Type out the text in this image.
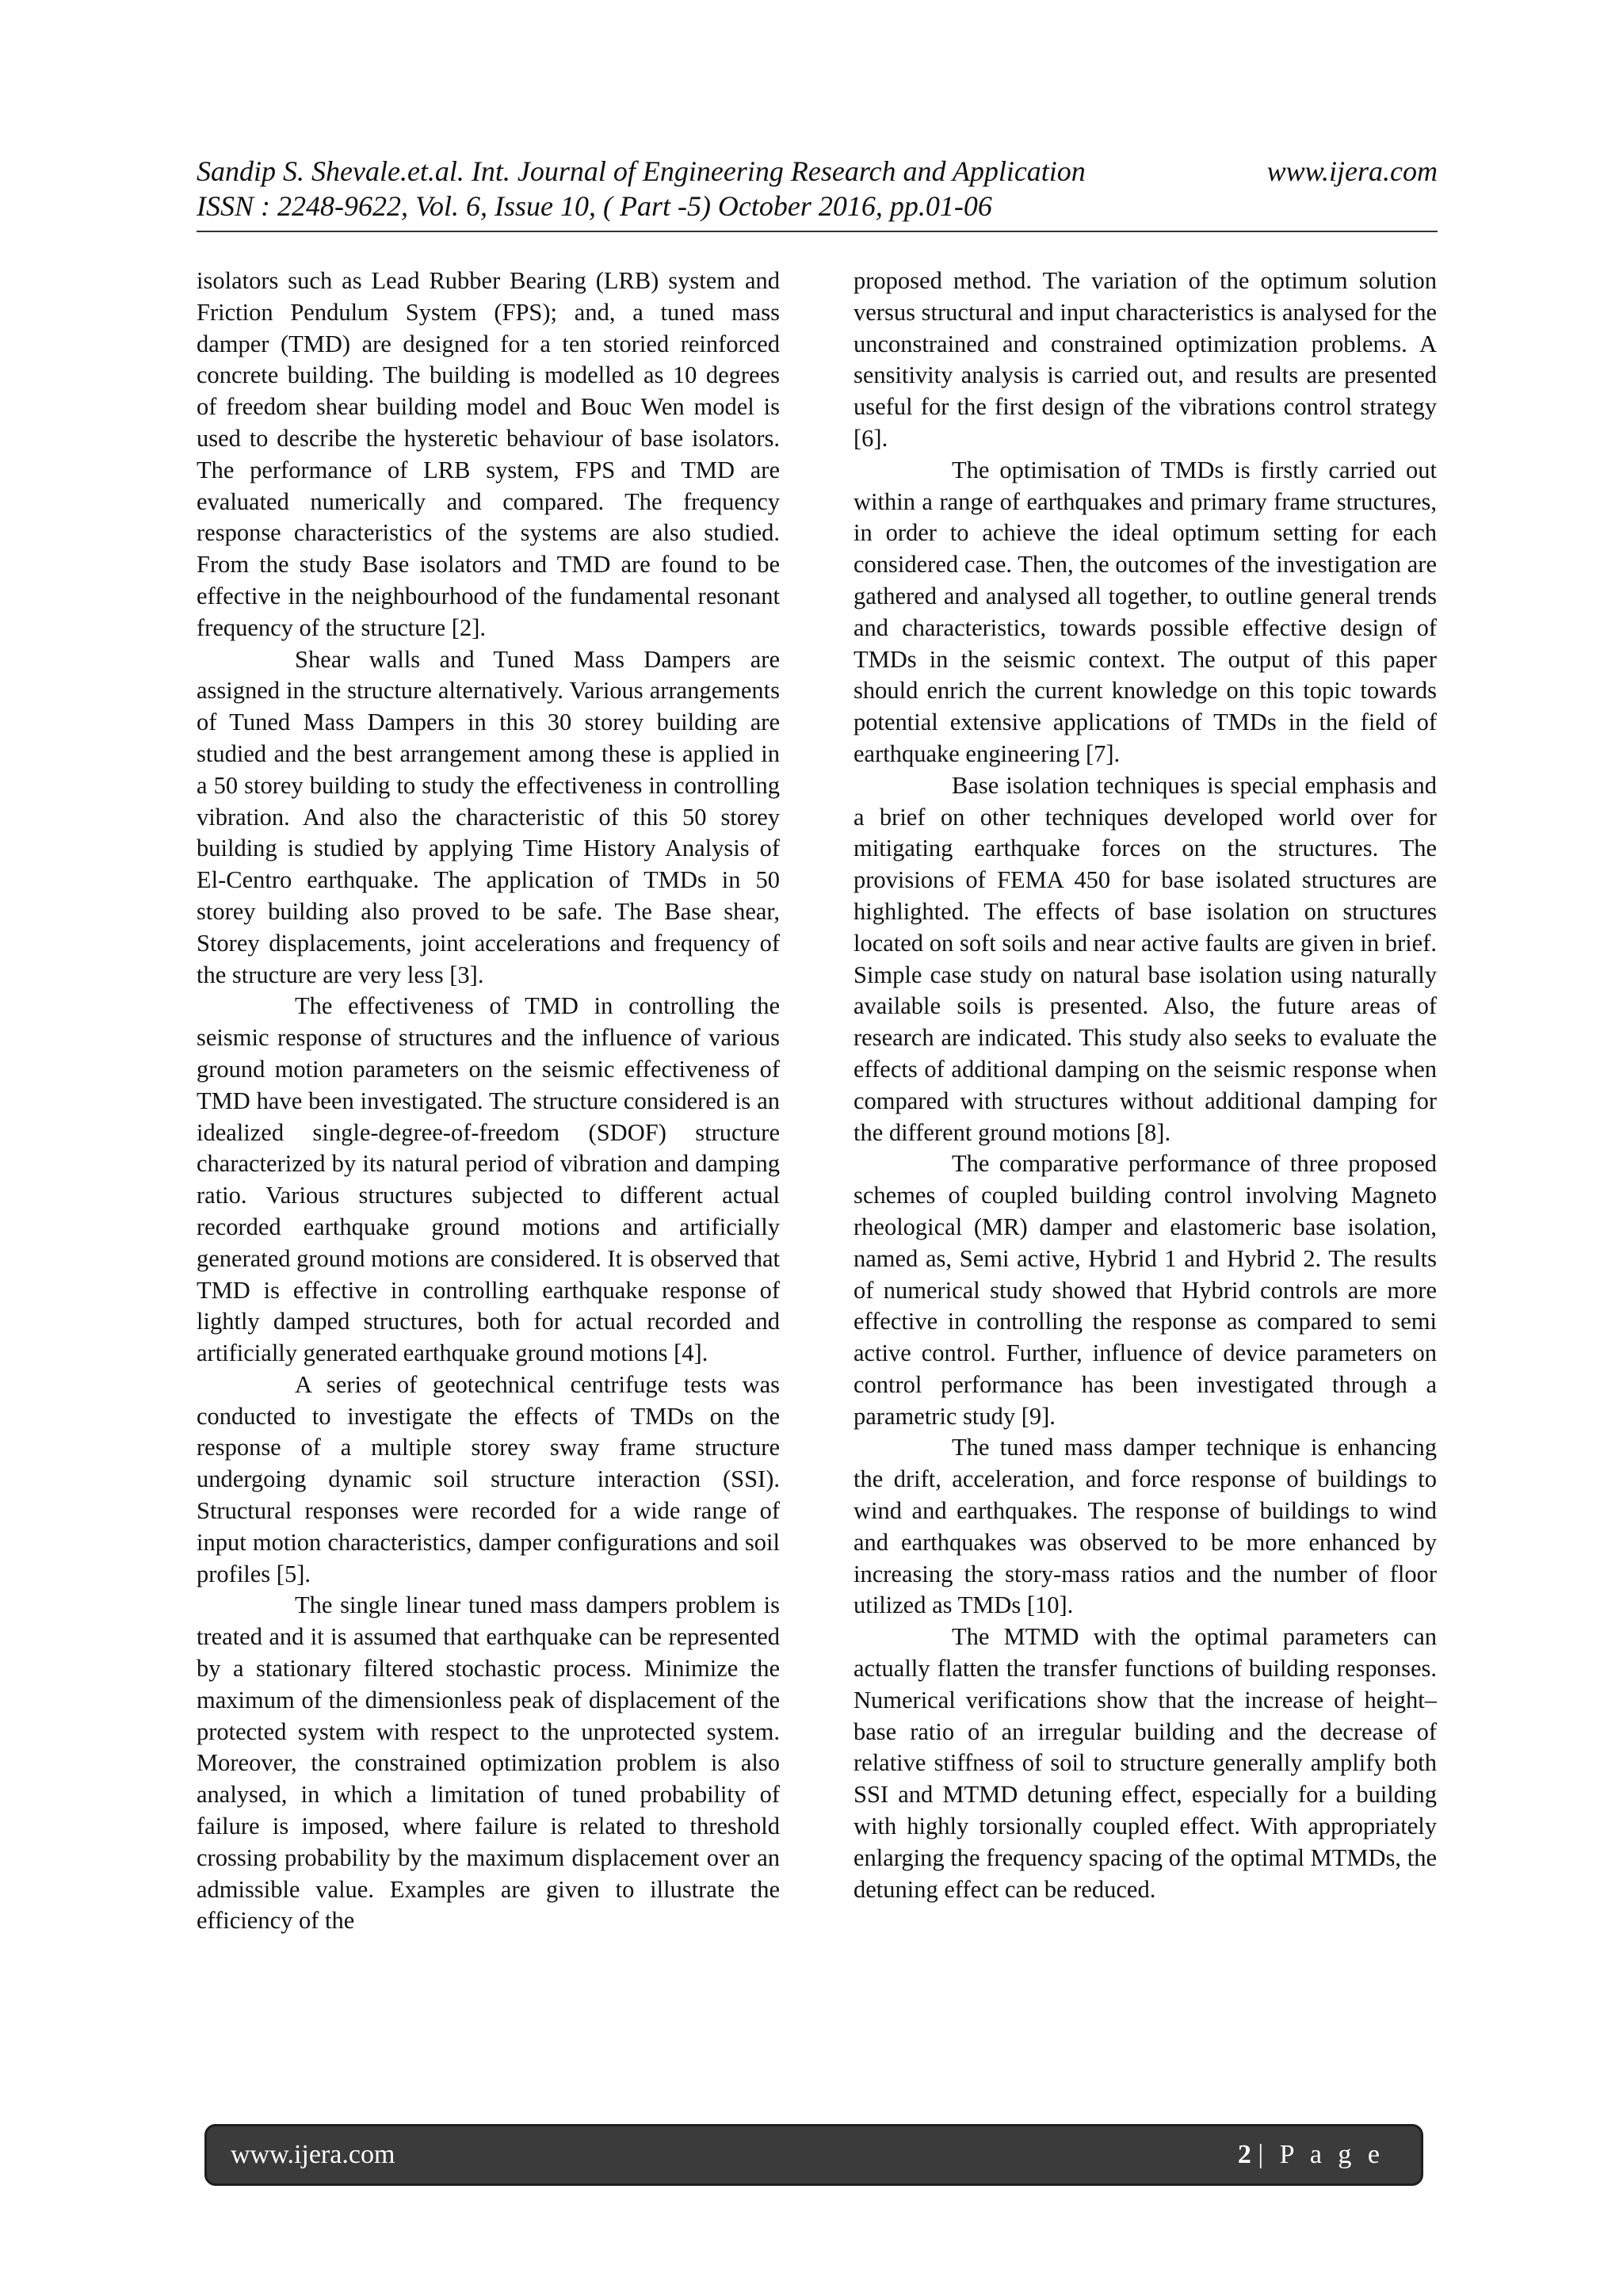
Sandip S. Shevale.et.al. Int. Journal of Engineering Research and Application	www.ijera.com
ISSN : 2248-9622, Vol. 6, Issue 10, ( Part -5) October 2016, pp.01-06

isolators such as Lead Rubber Bearing (LRB) system and Friction Pendulum System (FPS); and, a tuned mass damper (TMD) are designed for a ten storied reinforced concrete building. The building is modelled as 10 degrees of freedom shear building model and Bouc Wen model is used to describe the hysteretic behaviour of base isolators. The performance of LRB system, FPS and TMD are evaluated numerically and compared. The frequency response characteristics of the systems are also studied. From the study Base isolators and TMD are found to be effective in the neighbourhood of the fundamental resonant frequency of the structure [2].

Shear walls and Tuned Mass Dampers are assigned in the structure alternatively. Various arrangements of Tuned Mass Dampers in this 30 storey building are studied and the best arrangement among these is applied in a 50 storey building to study the effectiveness in controlling vibration. And also the characteristic of this 50 storey building is studied by applying Time History Analysis of El-Centro earthquake. The application of TMDs in 50 storey building also proved to be safe. The Base shear, Storey displacements, joint accelerations and frequency of the structure are very less [3].

The effectiveness of TMD in controlling the seismic response of structures and the influence of various ground motion parameters on the seismic effectiveness of TMD have been investigated. The structure considered is an idealized single-degree-of-freedom (SDOF) structure characterized by its natural period of vibration and damping ratio. Various structures subjected to different actual recorded earthquake ground motions and artificially generated ground motions are considered. It is observed that TMD is effective in controlling earthquake response of lightly damped structures, both for actual recorded and artificially generated earthquake ground motions [4].

A series of geotechnical centrifuge tests was conducted to investigate the effects of TMDs on the response of a multiple storey sway frame structure undergoing dynamic soil structure interaction (SSI). Structural responses were recorded for a wide range of input motion characteristics, damper configurations and soil profiles [5].

The single linear tuned mass dampers problem is treated and it is assumed that earthquake can be represented by a stationary filtered stochastic process. Minimize the maximum of the dimensionless peak of displacement of the protected system with respect to the unprotected system. Moreover, the constrained optimization problem is also analysed, in which a limitation of tuned probability of failure is imposed, where failure is related to threshold crossing probability by the maximum displacement over an admissible value. Examples are given to illustrate the efficiency of the

proposed method. The variation of the optimum solution versus structural and input characteristics is analysed for the unconstrained and constrained optimization problems. A sensitivity analysis is carried out, and results are presented useful for the first design of the vibrations control strategy [6].

The optimisation of TMDs is firstly carried out within a range of earthquakes and primary frame structures, in order to achieve the ideal optimum setting for each considered case. Then, the outcomes of the investigation are gathered and analysed all together, to outline general trends and characteristics, towards possible effective design of TMDs in the seismic context. The output of this paper should enrich the current knowledge on this topic towards potential extensive applications of TMDs in the field of earthquake engineering [7].

Base isolation techniques is special emphasis and a brief on other techniques developed world over for mitigating earthquake forces on the structures. The provisions of FEMA 450 for base isolated structures are highlighted. The effects of base isolation on structures located on soft soils and near active faults are given in brief. Simple case study on natural base isolation using naturally available soils is presented. Also, the future areas of research are indicated. This study also seeks to evaluate the effects of additional damping on the seismic response when compared with structures without additional damping for the different ground motions [8].

The comparative performance of three proposed schemes of coupled building control involving Magneto rheological (MR) damper and elastomeric base isolation, named as, Semi active, Hybrid 1 and Hybrid 2. The results of numerical study showed that Hybrid controls are more effective in controlling the response as compared to semi active control. Further, influence of device parameters on control performance has been investigated through a parametric study [9].

The tuned mass damper technique is enhancing the drift, acceleration, and force response of buildings to wind and earthquakes. The response of buildings to wind and earthquakes was observed to be more enhanced by increasing the story-mass ratios and the number of floor utilized as TMDs [10].

The MTMD with the optimal parameters can actually flatten the transfer functions of building responses. Numerical verifications show that the increase of height–base ratio of an irregular building and the decrease of relative stiffness of soil to structure generally amplify both SSI and MTMD detuning effect, especially for a building with highly torsionally coupled effect. With appropriately enlarging the frequency spacing of the optimal MTMDs, the detuning effect can be reduced.

www.ijera.com	2 | P a g e
